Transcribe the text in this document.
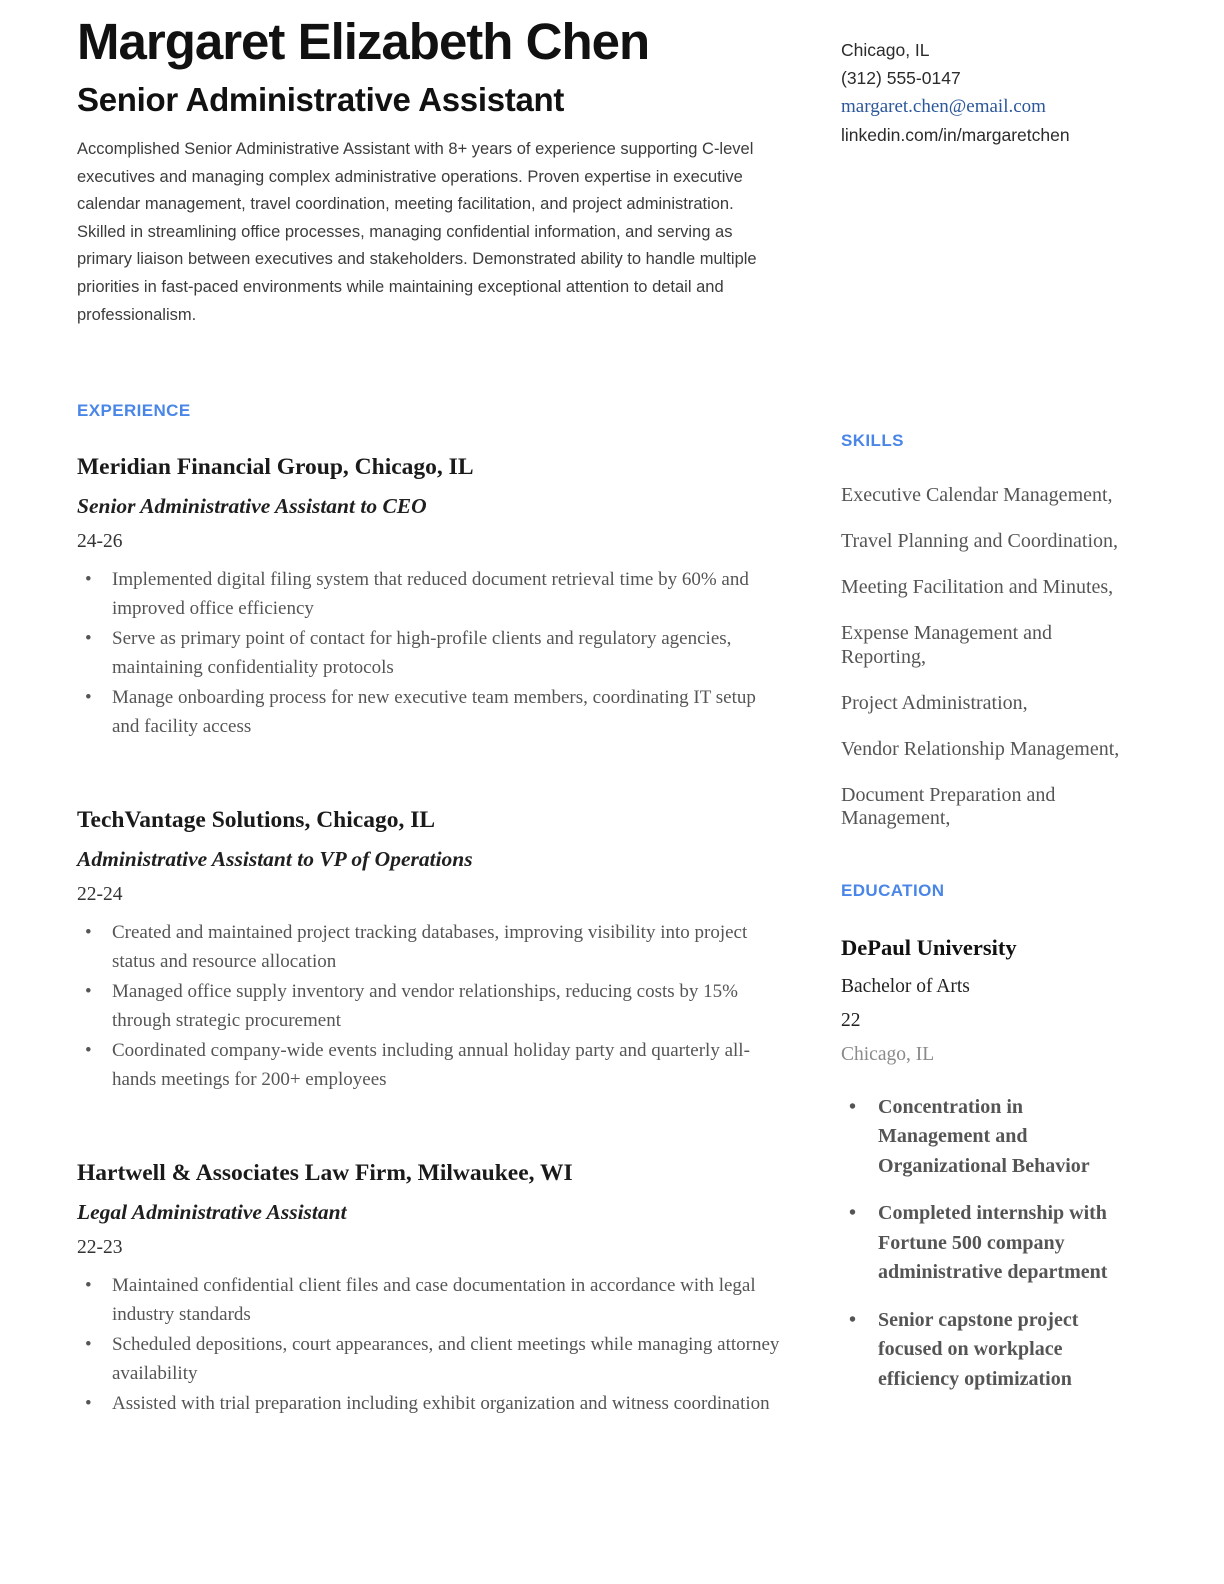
Margaret Elizabeth Chen
Senior Administrative Assistant
Accomplished Senior Administrative Assistant with 8+ years of experience supporting C-level executives and managing complex administrative operations. Proven expertise in executive calendar management, travel coordination, meeting facilitation, and project administration. Skilled in streamlining office processes, managing confidential information, and serving as primary liaison between executives and stakeholders. Demonstrated ability to handle multiple priorities in fast-paced environments while maintaining exceptional attention to detail and professionalism.
EXPERIENCE
Meridian Financial Group, Chicago, IL
Senior Administrative Assistant to CEO
24-26
• Implemented digital filing system that reduced document retrieval time by 60% and improved office efficiency
• Serve as primary point of contact for high-profile clients and regulatory agencies, maintaining confidentiality protocols
• Manage onboarding process for new executive team members, coordinating IT setup and facility access
TechVantage Solutions, Chicago, IL
Administrative Assistant to VP of Operations
22-24
• Created and maintained project tracking databases, improving visibility into project status and resource allocation
• Managed office supply inventory and vendor relationships, reducing costs by 15% through strategic procurement
• Coordinated company-wide events including annual holiday party and quarterly all-hands meetings for 200+ employees
Hartwell & Associates Law Firm, Milwaukee, WI
Legal Administrative Assistant
22-23
• Maintained confidential client files and case documentation in accordance with legal industry standards
• Scheduled depositions, court appearances, and client meetings while managing attorney availability
• Assisted with trial preparation including exhibit organization and witness coordination
Chicago, IL
(312) 555-0147
margaret.chen@email.com
linkedin.com/in/margaretchen
SKILLS
Executive Calendar Management,
Travel Planning and Coordination,
Meeting Facilitation and Minutes,
Expense Management and Reporting,
Project Administration,
Vendor Relationship Management,
Document Preparation and Management,
EDUCATION
DePaul University
Bachelor of Arts
22
Chicago, IL
• Concentration in Management and Organizational Behavior
• Completed internship with Fortune 500 company administrative department
• Senior capstone project focused on workplace efficiency optimization
